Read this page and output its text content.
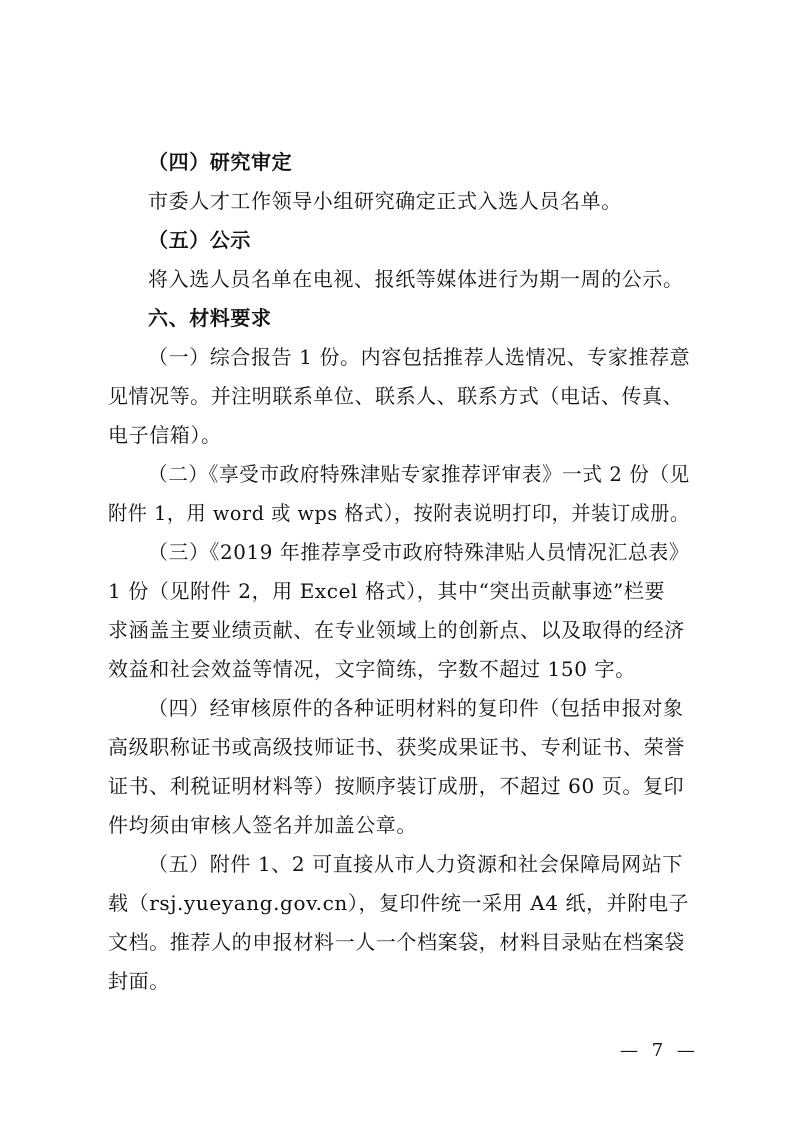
（四）研究审定
市委人才工作领导小组研究确定正式入选人员名单。
（五）公示
将入选人员名单在电视、报纸等媒体进行为期一周的公示。
六、材料要求
（一）综合报告 1 份。内容包括推荐人选情况、专家推荐意
见情况等。并注明联系单位、联系人、联系方式（电话、传真、
电子信箱）。
（二）《享受市政府特殊津贴专家推荐评审表》一式 2 份（见
附件 1，用 word 或 wps 格式），按附表说明打印，并装订成册。
（三）《2019 年推荐享受市政府特殊津贴人员情况汇总表》
1 份（见附件 2，用 Excel 格式），其中“突出贡献事迹”栏要
求涵盖主要业绩贡献、在专业领域上的创新点、以及取得的经济
效益和社会效益等情况，文字简练，字数不超过 150 字。
（四）经审核原件的各种证明材料的复印件（包括申报对象
高级职称证书或高级技师证书、获奖成果证书、专利证书、荣誉
证书、利税证明材料等）按顺序装订成册，不超过 60 页。复印
件均须由审核人签名并加盖公章。
（五）附件 1、2 可直接从市人力资源和社会保障局网站下
载（rsj.yueyang.gov.cn），复印件统一采用 A4 纸，并附电子
文档。推荐人的申报材料一人一个档案袋，材料目录贴在档案袋
封面。
— 7 —
